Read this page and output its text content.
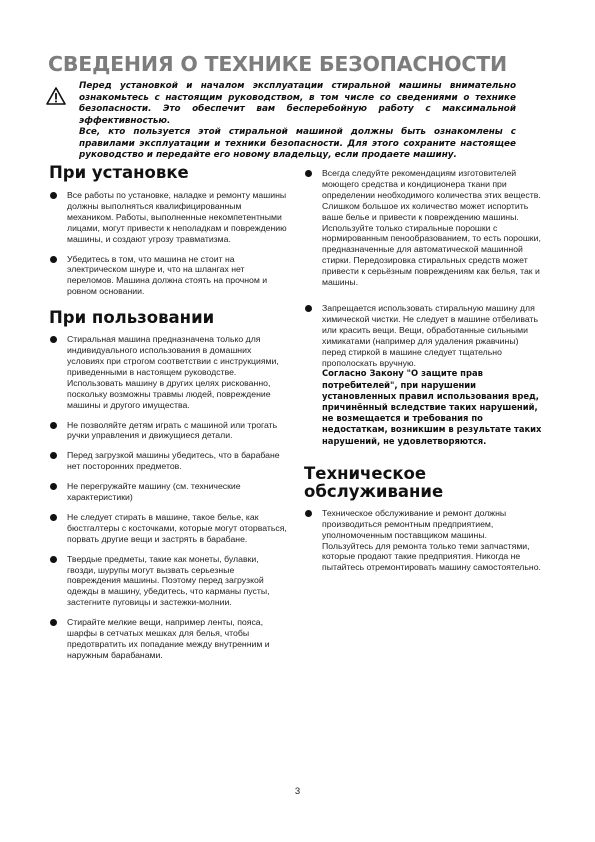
СВЕДЕНИЯ О ТЕХНИКЕ БЕЗОПАСНОСТИ

Перед установкой и началом эксплуатации стиральной машины внимательно ознакомьтесь с настоящим руководством, в том числе со сведениями о технике безопасности. Это обеспечит вам бесперебойную работу с максимальной эффективностью.

Все, кто пользуется этой стиральной машиной должны быть ознакомлены с правилами эксплуатации и техники безопасности. Для этого сохраните настоящее руководство и передайте его новому владельцу, если продаете машину.

При установке

Все работы по установке, наладке и ремонту машины должны выполняться квалифицированным механиком. Работы, выполненные некомпетентными лицами, могут привести к неполадкам и повреждению машины, и создают угрозу травматизма.

Убедитесь в том, что машина не стоит на электрическом шнуре и, что на шлангах нет переломов. Машина должна стоять на прочном и ровном основании.

При пользовании

Стиральная машина предназначена только для индивидуального использования в домашних условиях при строгом соответствии с инструкциями, приведенными в настоящем руководстве. Использовать машину в других целях рискованно, поскольку возможны травмы людей, повреждение машины и другого имущества.

Не позволяйте детям играть с машиной или трогать ручки управления и движущиеся детали.

Перед загрузкой машины убедитесь, что в барабане нет посторонних предметов.

Не перегружайте машину (см. технические характеристики)

Не следует стирать в машине, такое белье, как бюстгалтеры с косточками, которые могут оторваться, порвать другие вещи и застрять в барабане.

Твердые предметы, такие как монеты, булавки, гвозди, шурупы могут вызвать серьезные повреждения машины. Поэтому перед загрузкой одежды в машину, убедитесь, что карманы пусты, застегните пуговицы и застежки-молнии.

Стирайте мелкие вещи, например ленты, пояса, шарфы в сетчатых мешках для белья, чтобы предотвратить их попадание между внутренним и наружным барабанами.

Всегда следуйте рекомендациям изготовителей моющего средства и кондиционера ткани при определении необходимого количества этих веществ. Слишком большое их количество может испортить ваше белье и привести к повреждению машины. Используйте только стиральные порошки с нормированным пенообразованием, то есть порошки, предназначенные для автоматической машинной стирки. Передозировка стиральных средств может привести к серьёзным повреждениям как белья, так и машины.

Запрещается использовать стиральную машину для химической чистки. Не следует в машине отбеливать или красить вещи. Вещи, обработанные сильными химикатами (например для удаления ржавчины) перед стиркой в машине следует тщательно прополоскать вручную.

Согласно Закону "О защите прав потребителей", при нарушении установленных правил использования вред, причинённый вследствие таких нарушений, не возмещается и требования по недостаткам, возникшим в результате таких нарушений, не удовлетворяются.

Техническое
обслуживание

Техническое обслуживание и ремонт должны производиться ремонтным предприятием, уполномоченным поставщиком машины.

Пользуйтесь для ремонта только теми запчастями, которые продают такие предприятия. Никогда не пытайтесь отремонтировать машину самостоятельно.

3
